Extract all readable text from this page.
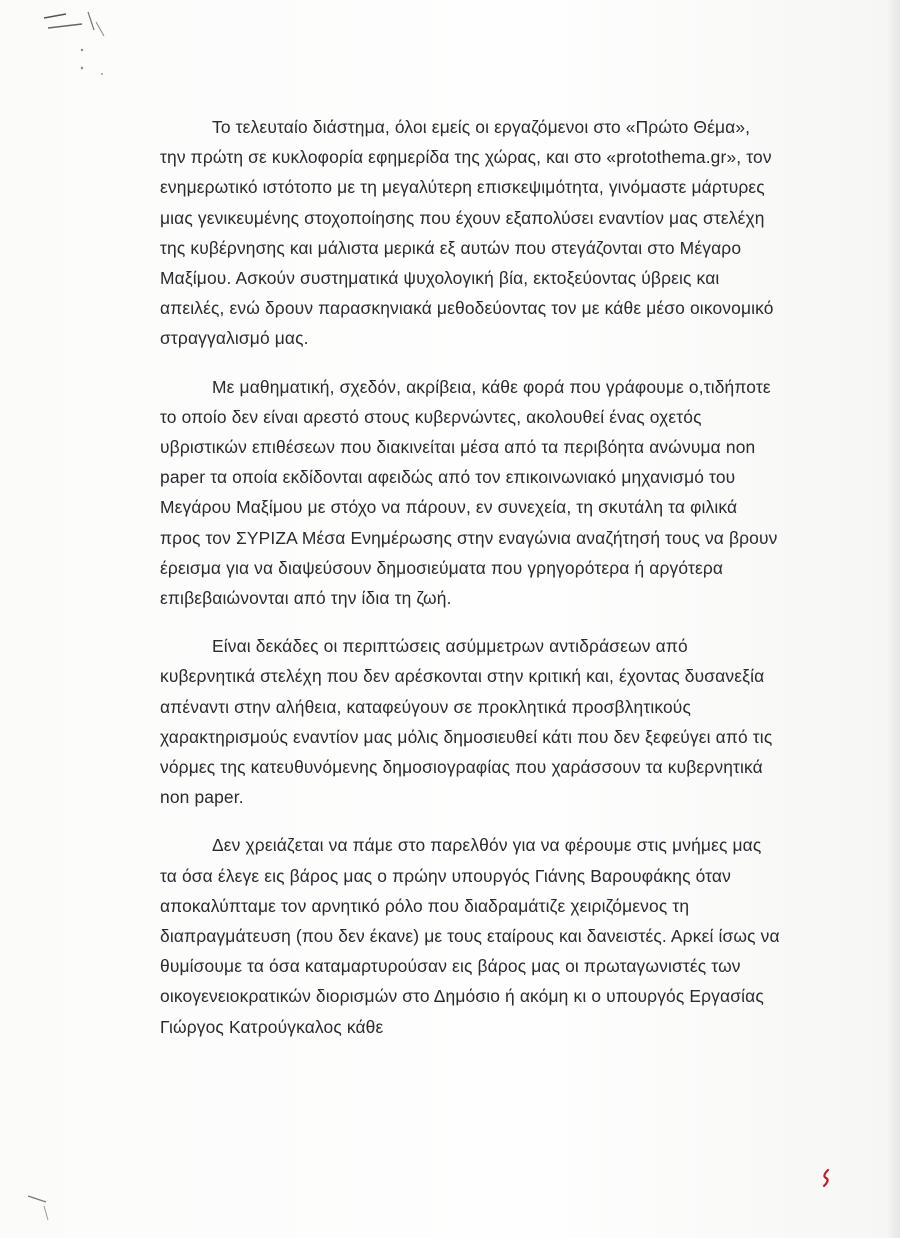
Το τελευταίο διάστημα, όλοι εμείς οι εργαζόμενοι στο «Πρώτο Θέμα», την πρώτη σε κυκλοφορία εφημερίδα της χώρας, και στο «protothema.gr», τον ενημερωτικό ιστότοπο με τη μεγαλύτερη επισκεψιμότητα, γινόμαστε μάρτυρες μιας γενικευμένης στοχοποίησης που έχουν εξαπολύσει εναντίον μας στελέχη της κυβέρνησης και μάλιστα μερικά εξ αυτών που στεγάζονται στο Μέγαρο Μαξίμου. Ασκούν συστηματικά ψυχολογική βία, εκτοξεύοντας ύβρεις και απειλές, ενώ δρουν παρασκηνιακά μεθοδεύοντας τον με κάθε μέσο οικονομικό στραγγαλισμό μας.

Με μαθηματική, σχεδόν, ακρίβεια, κάθε φορά που γράφουμε ο,τιδήποτε το οποίο δεν είναι αρεστό στους κυβερνώντες, ακολουθεί ένας οχετός υβριστικών επιθέσεων που διακινείται μέσα από τα περιβόητα ανώνυμα non paper τα οποία εκδίδονται αφειδώς από τον επικοινωνιακό μηχανισμό του Μεγάρου Μαξίμου με στόχο να πάρουν, εν συνεχεία, τη σκυτάλη τα φιλικά προς τον ΣΥΡΙΖΑ Μέσα Ενημέρωσης στην εναγώνια αναζήτησή τους να βρουν έρεισμα για να διαψεύσουν δημοσιεύματα που γρηγορότερα ή αργότερα επιβεβαιώνονται από την ίδια τη ζωή.

Είναι δεκάδες οι περιπτώσεις ασύμμετρων αντιδράσεων από κυβερνητικά στελέχη που δεν αρέσκονται στην κριτική και, έχοντας δυσανεξία απέναντι στην αλήθεια, καταφεύγουν σε προκλητικά προσβλητικούς χαρακτηρισμούς εναντίον μας μόλις δημοσιευθεί κάτι που δεν ξεφεύγει από τις νόρμες της κατευθυνόμενης δημοσιογραφίας που χαράσσουν τα κυβερνητικά non paper.

Δεν χρειάζεται να πάμε στο παρελθόν για να φέρουμε στις μνήμες μας τα όσα έλεγε εις βάρος μας ο πρώην υπουργός Γιάνης Βαρουφάκης όταν αποκαλύπταμε τον αρνητικό ρόλο που διαδραμάτιζε χειριζόμενος τη διαπραγμάτευση (που δεν έκανε) με τους εταίρους και δανειστές. Αρκεί ίσως να θυμίσουμε τα όσα καταμαρτυρούσαν εις βάρος μας οι πρωταγωνιστές των οικογενειοκρατικών διορισμών στο Δημόσιο ή ακόμη κι ο υπουργός Εργασίας Γιώργος Κατρούγκαλος κάθε
